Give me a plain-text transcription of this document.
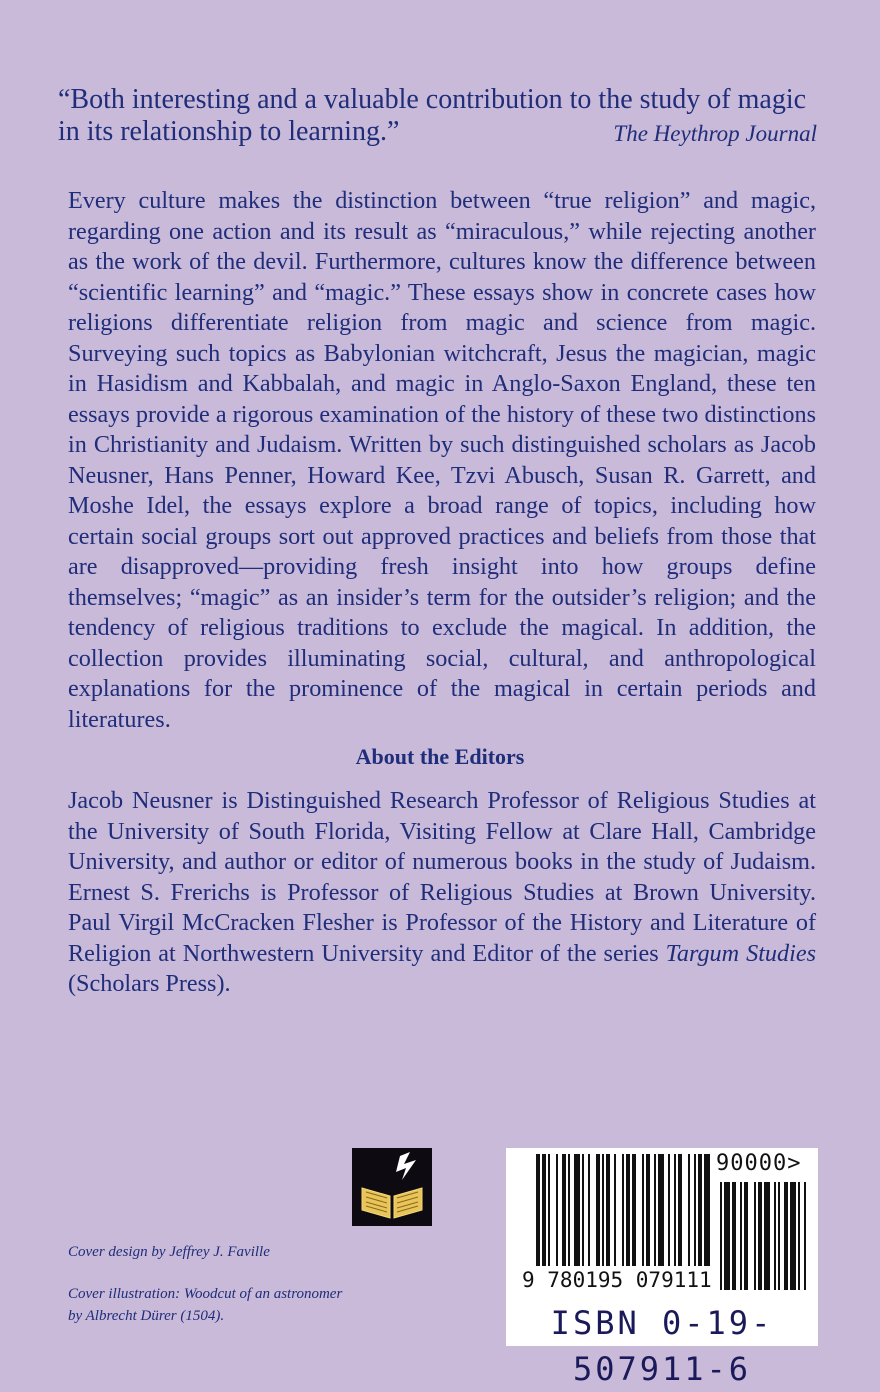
“Both interesting and a valuable contribution to the study of magic in its relationship to learning.”	The Heythrop Journal
Every culture makes the distinction between “true religion” and magic, regarding one action and its result as “miraculous,” while rejecting another as the work of the devil. Furthermore, cultures know the difference between “scientific learning” and “magic.” These essays show in concrete cases how religions differentiate religion from magic and science from magic. Surveying such topics as Babylonian witchcraft, Jesus the magician, magic in Hasidism and Kabbalah, and magic in Anglo-Saxon England, these ten essays provide a rigorous examination of the history of these two distinctions in Christianity and Judaism. Written by such distinguished scholars as Jacob Neusner, Hans Penner, Howard Kee, Tzvi Abusch, Susan R. Garrett, and Moshe Idel, the essays explore a broad range of topics, including how certain social groups sort out approved practices and beliefs from those that are disapproved—providing fresh insight into how groups define themselves; “magic” as an insider’s term for the outsider’s religion; and the tendency of religious traditions to exclude the magical. In addition, the collection provides illuminating social, cultural, and anthropological explanations for the prominence of the magical in certain periods and literatures.
About the Editors
Jacob Neusner is Distinguished Research Professor of Religious Studies at the University of South Florida, Visiting Fellow at Clare Hall, Cambridge University, and author or editor of numerous books in the study of Judaism. Ernest S. Frerichs is Professor of Religious Studies at Brown University. Paul Virgil McCracken Flesher is Professor of the History and Literature of Religion at Northwestern University and Editor of the series Targum Studies (Scholars Press).
Cover design by Jeffrey J. Faville
Cover illustration: Woodcut of an astronomer
by Albrecht Dürer (1504).
90000>
9 780195 079111
ISBN 0-19-507911-6
